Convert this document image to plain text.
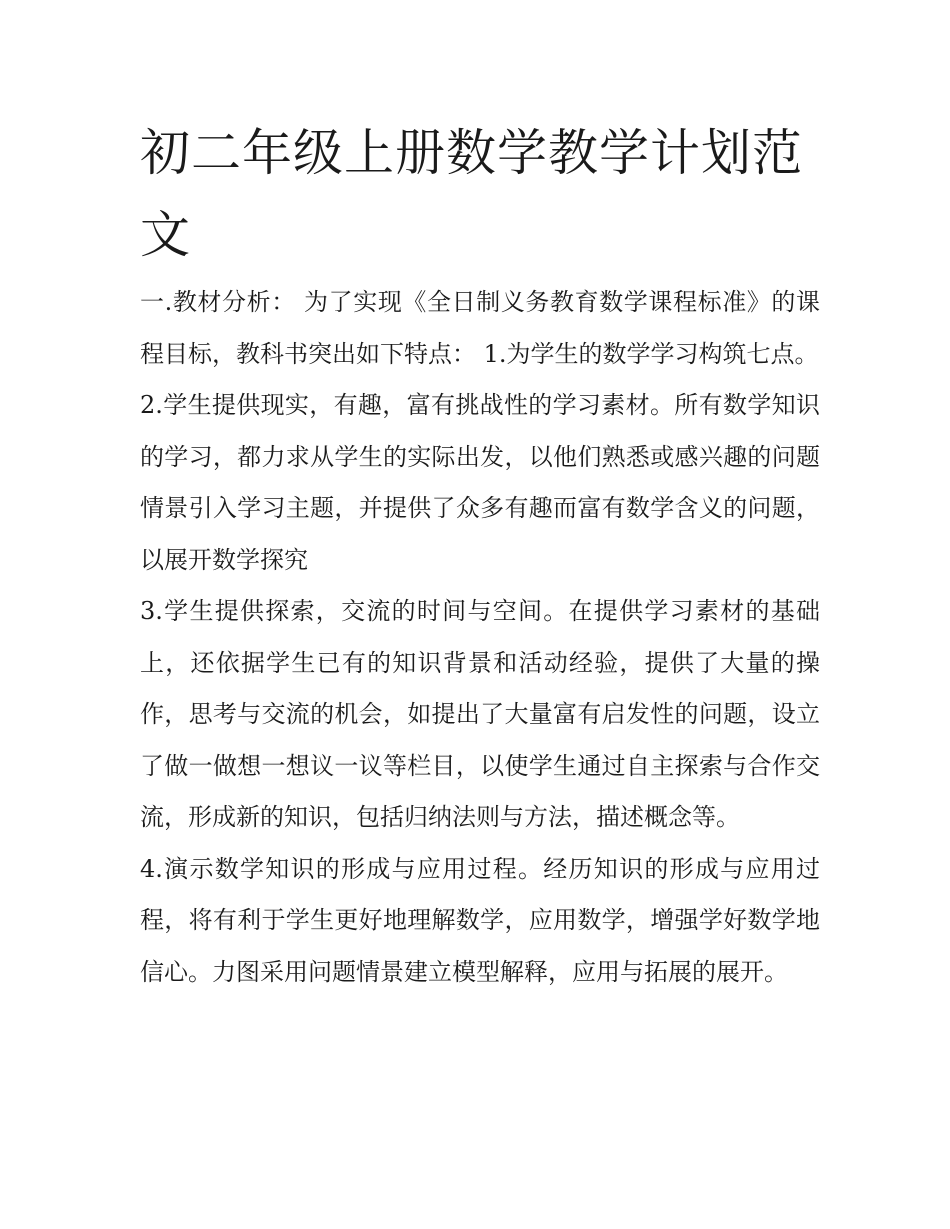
初二年级上册数学教学计划范文

一.教材分析： 为了实现《全日制义务教育数学课程标准》的课程目标，教科书突出如下特点： 1.为学生的数学学习构筑七点。

2.学生提供现实，有趣，富有挑战性的学习素材。所有数学知识的学习，都力求从学生的实际出发，以他们熟悉或感兴趣的问题情景引入学习主题，并提供了众多有趣而富有数学含义的问题，以展开数学探究

3.学生提供探索，交流的时间与空间。在提供学习素材的基础上，还依据学生已有的知识背景和活动经验，提供了大量的操作，思考与交流的机会，如提出了大量富有启发性的问题，设立了做一做想一想议一议等栏目，以使学生通过自主探索与合作交流，形成新的知识，包括归纳法则与方法，描述概念等。

4.演示数学知识的形成与应用过程。经历知识的形成与应用过程，将有利于学生更好地理解数学，应用数学，增强学好数学地信心。力图采用问题情景建立模型解释，应用与拓展的展开。
